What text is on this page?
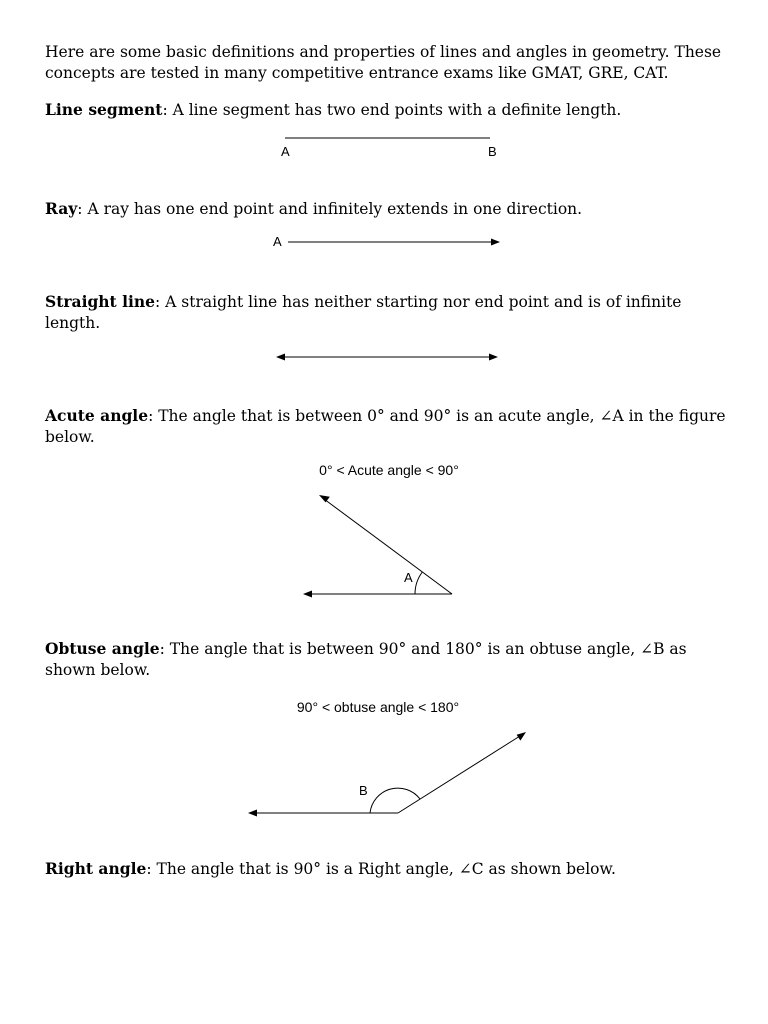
Here are some basic definitions and properties of lines and angles in geometry. These concepts are tested in many competitive entrance exams like GMAT, GRE, CAT.

Line segment: A line segment has two end points with a definite length.

A	B

Ray: A ray has one end point and infinitely extends in one direction.

A

Straight line: A straight line has neither starting nor end point and is of infinite length.

Acute angle: The angle that is between 0° and 90° is an acute angle, ∠A in the figure below.

0° < Acute angle < 90°
A

Obtuse angle: The angle that is between 90° and 180° is an obtuse angle, ∠B as shown below.

90° < obtuse angle < 180°
B

Right angle: The angle that is 90° is a Right angle, ∠C as shown below.
